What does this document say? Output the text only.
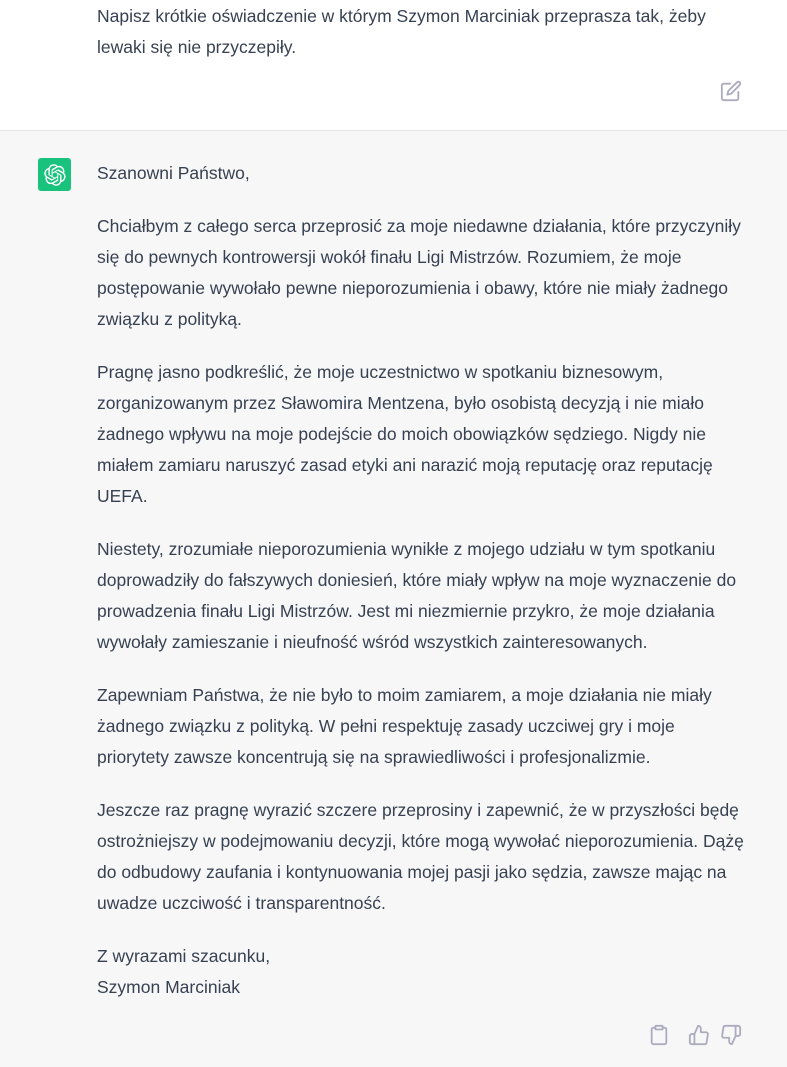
Napisz krótkie oświadczenie w którym Szymon Marciniak przeprasza tak, żeby lewaki się nie przyczepiły.

Szanowni Państwo,

Chciałbym z całego serca przeprosić za moje niedawne działania, które przyczyniły się do pewnych kontrowersji wokół finału Ligi Mistrzów. Rozumiem, że moje postępowanie wywołało pewne nieporozumienia i obawy, które nie miały żadnego związku z polityką.

Pragnę jasno podkreślić, że moje uczestnictwo w spotkaniu biznesowym, zorganizowanym przez Sławomira Mentzena, było osobistą decyzją i nie miało żadnego wpływu na moje podejście do moich obowiązków sędziego. Nigdy nie miałem zamiaru naruszyć zasad etyki ani narazić moją reputację oraz reputację UEFA.

Niestety, zrozumiałe nieporozumienia wynikłe z mojego udziału w tym spotkaniu doprowadziły do fałszywych doniesień, które miały wpływ na moje wyznaczenie do prowadzenia finału Ligi Mistrzów. Jest mi niezmiernie przykro, że moje działania wywołały zamieszanie i nieufność wśród wszystkich zainteresowanych.

Zapewniam Państwa, że nie było to moim zamiarem, a moje działania nie miały żadnego związku z polityką. W pełni respektuję zasady uczciwej gry i moje priorytety zawsze koncentrują się na sprawiedliwości i profesjonalizmie.

Jeszcze raz pragnę wyrazić szczere przeprosiny i zapewnić, że w przyszłości będę ostrożniejszy w podejmowaniu decyzji, które mogą wywołać nieporozumienia. Dążę do odbudowy zaufania i kontynuowania mojej pasji jako sędzia, zawsze mając na uwadze uczciwość i transparentność.

Z wyrazami szacunku,
Szymon Marciniak
